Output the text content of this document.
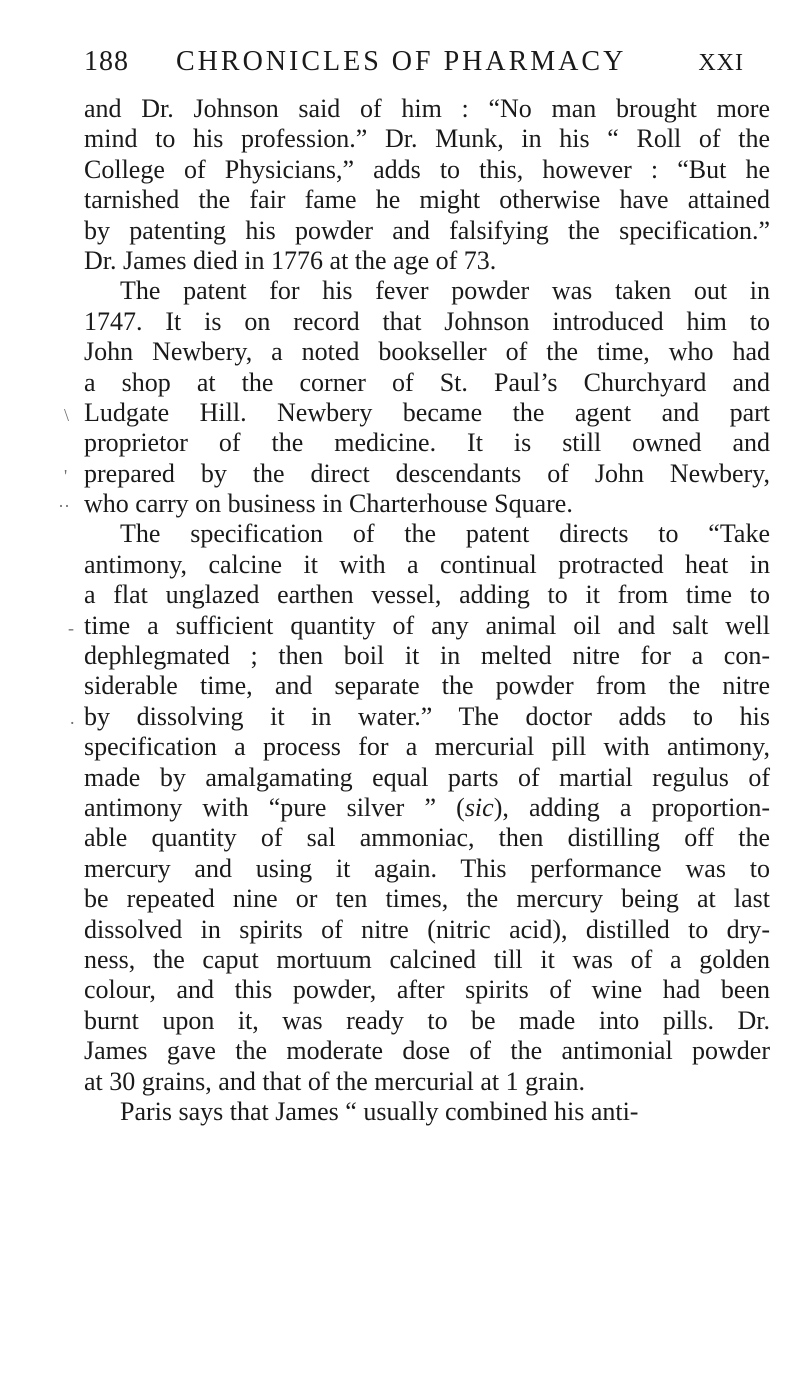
188 CHRONICLES OF PHARMACY	XXI
and Dr. Johnson said of him : “No man brought more
mind to his profession.” Dr. Munk, in his “ Roll of the
College of Physicians,” adds to this, however : “But he
tarnished the fair fame he might otherwise have attained
by patenting his powder and falsifying the specification.”
Dr. James died in 1776 at the age of 73.
The patent for his fever powder was taken out in
1747. It is on record that Johnson introduced him to
John Newbery, a noted bookseller of the time, who had
a shop at the corner of St. Paul’s Churchyard and
Ludgate Hill. Newbery became the agent and part
proprietor of the medicine. It is still owned and
prepared by the direct descendants of John Newbery,
who carry on business in Charterhouse Square.
The specification of the patent directs to “Take
antimony, calcine it with a continual protracted heat in
a flat unglazed earthen vessel, adding to it from time to
time a sufficient quantity of any animal oil and salt well
dephlegmated ; then boil it in melted nitre for a con-
siderable time, and separate the powder from the nitre
by dissolving it in water.” The doctor adds to his
specification a process for a mercurial pill with antimony,
made by amalgamating equal parts of martial regulus of
antimony with “pure silver ” (sic), adding a proportion-
able quantity of sal ammoniac, then distilling off the
mercury and using it again. This performance was to
be repeated nine or ten times, the mercury being at last
dissolved in spirits of nitre (nitric acid), distilled to dry-
ness, the caput mortuum calcined till it was of a golden
colour, and this powder, after spirits of wine had been
burnt upon it, was ready to be made into pills. Dr.
James gave the moderate dose of the antimonial powder
at 30 grains, and that of the mercurial at 1 grain.
Paris says that James “ usually combined his anti-
\
'
··
-
.
